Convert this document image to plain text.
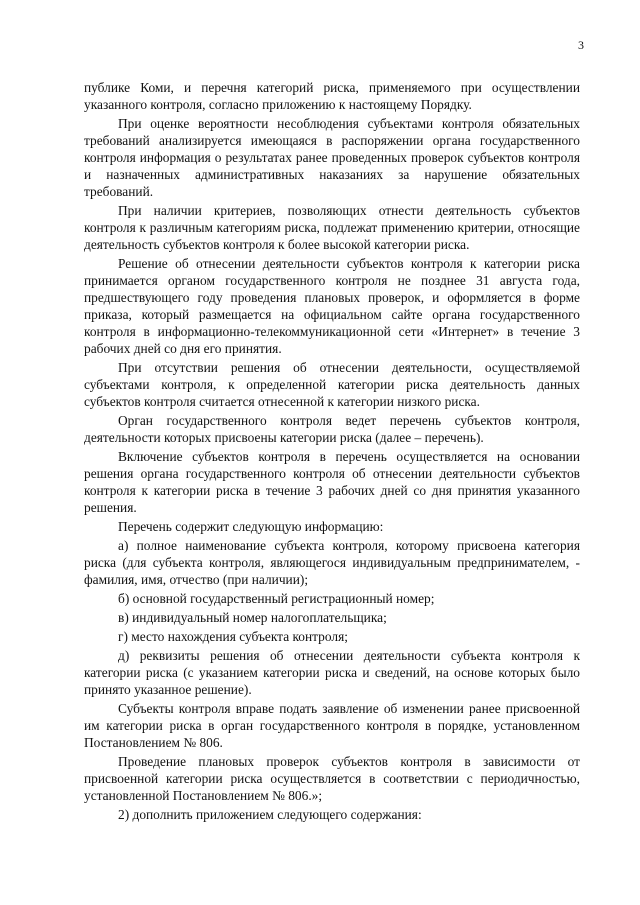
3

публике Коми, и перечня категорий риска, применяемого при осуществлении указанного контроля, согласно приложению к настоящему Порядку.

При оценке вероятности несоблюдения субъектами контроля обязательных требований анализируется имеющаяся в распоряжении органа государственного контроля информация о результатах ранее проведенных проверок субъектов контроля и назначенных административных наказаниях за нарушение обязательных требований.

При наличии критериев, позволяющих отнести деятельность субъектов контроля к различным категориям риска, подлежат применению критерии, относящие деятельность субъектов контроля к более высокой категории риска.

Решение об отнесении деятельности субъектов контроля к категории риска принимается органом государственного контроля не позднее 31 августа года, предшествующего году проведения плановых проверок, и оформляется в форме приказа, который размещается на официальном сайте органа государственного контроля в информационно-телекоммуникационной сети «Интернет» в течение 3 рабочих дней со дня его принятия.

При отсутствии решения об отнесении деятельности, осуществляемой субъектами контроля, к определенной категории риска деятельность данных субъектов контроля считается отнесенной к категории низкого риска.

Орган государственного контроля ведет перечень субъектов контроля, деятельности которых присвоены категории риска (далее – перечень).

Включение субъектов контроля в перечень осуществляется на основании решения органа государственного контроля об отнесении деятельности субъектов контроля к категории риска в течение 3 рабочих дней со дня принятия указанного решения.

Перечень содержит следующую информацию:

а) полное наименование субъекта контроля, которому присвоена категория риска (для субъекта контроля, являющегося индивидуальным предпринимателем, - фамилия, имя, отчество (при наличии);

б) основной государственный регистрационный номер;

в) индивидуальный номер налогоплательщика;

г) место нахождения субъекта контроля;

д) реквизиты решения об отнесении деятельности субъекта контроля к категории риска (с указанием категории риска и сведений, на основе которых было принято указанное решение).

Субъекты контроля вправе подать заявление об изменении ранее присвоенной им категории риска в орган государственного контроля в порядке, установленном Постановлением № 806.

Проведение плановых проверок субъектов контроля в зависимости от присвоенной категории риска осуществляется в соответствии с периодичностью, установленной Постановлением № 806.»;

2) дополнить приложением следующего содержания:
